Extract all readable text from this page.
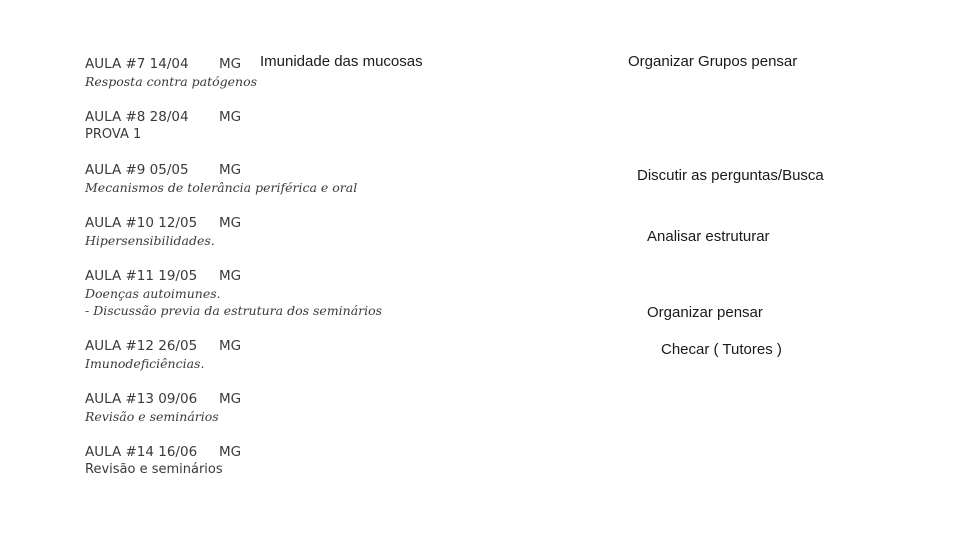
AULA #7 14/04 MG
Resposta contra patógenos
AULA #8 28/04 MG
PROVA 1
AULA #9 05/05 MG
Mecanismos de tolerância periférica e oral
AULA #10 12/05 MG
Hipersensibilidades.
AULA #11 19/05 MG
Doenças autoimunes.
- Discussão previa da estrutura dos seminários
AULA #12 26/05 MG
Imunodeficiências.
AULA #13 09/06 MG
Revisão e seminários
AULA #14 16/06 MG
Revisão e seminários
Imunidade das mucosas	Organizar Grupos pensar
Discutir as perguntas/Busca
Analisar estruturar
Organizar pensar
Checar ( Tutores )
